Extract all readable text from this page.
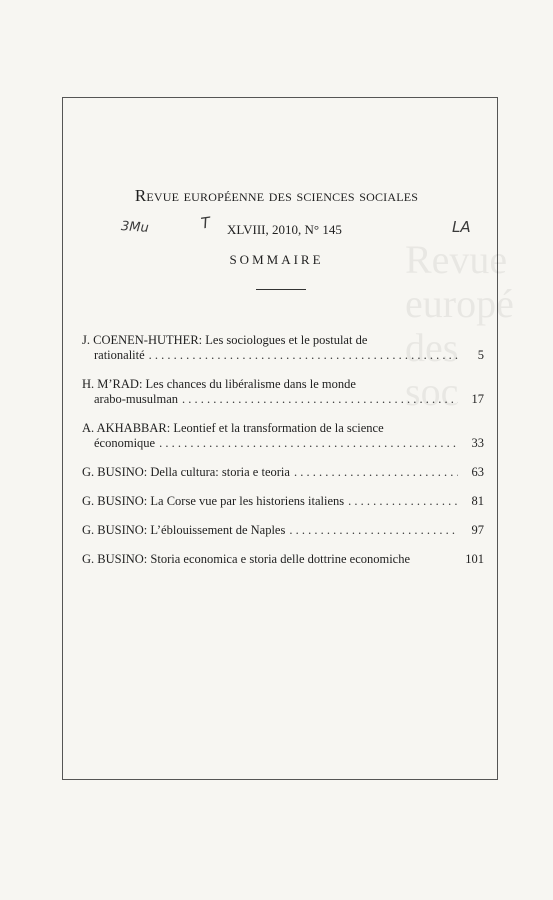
Revue
europé
des
soc
Revue européenne des sciences sociales
3Mu	T XLVIII, 2010, N° 145	LA
SOMMAIRE
J. COENEN-HUTHER: Les sociologues et le postulat de
rationalité . . .	5
H. M’RAD: Les chances du libéralisme dans le monde
arabo-musulman . . .	17
A. AKHABBAR: Leontief et la transformation de la science
économique . . .	33
G. BUSINO: Della cultura: storia e teoria . . .	63
G. BUSINO: La Corse vue par les historiens italiens . . .	81
G. BUSINO: L’éblouissement de Naples . . .	97
G. BUSINO: Storia economica e storia delle dottrine economiche	101
